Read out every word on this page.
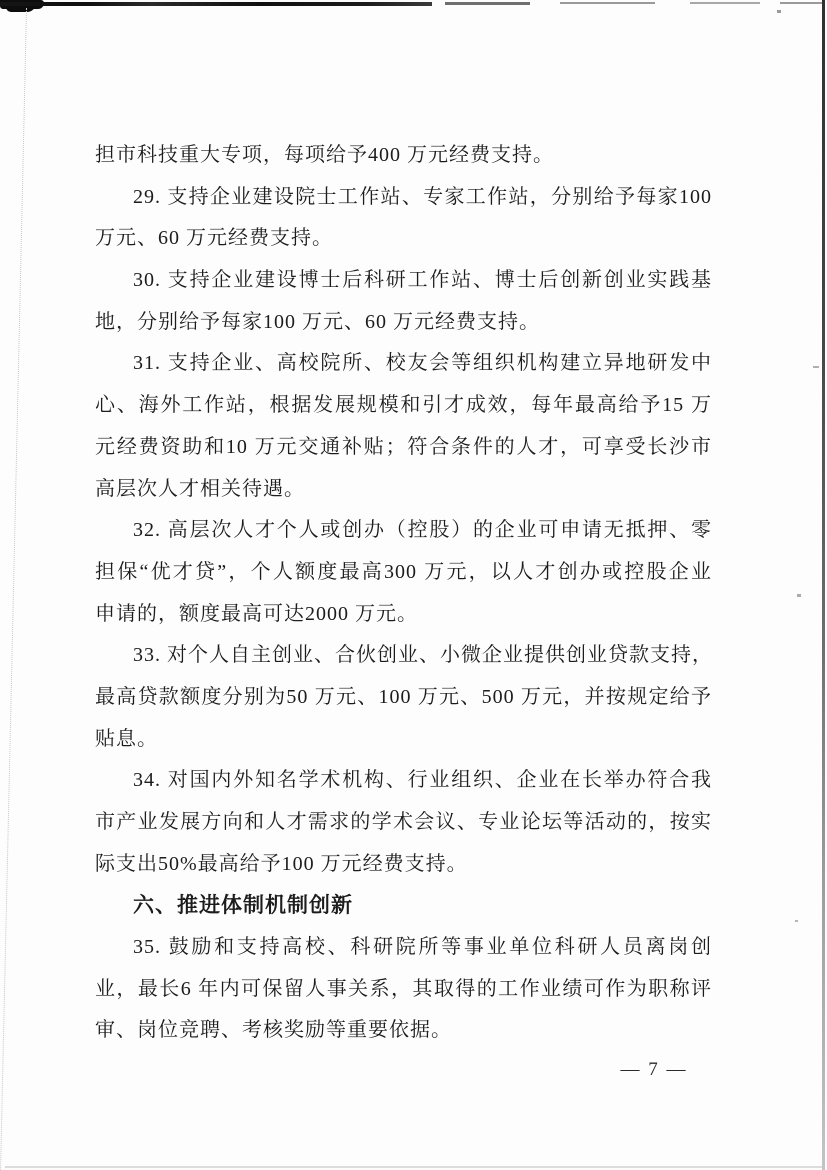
担市科技重大专项，每项给予400 万元经费支持。
29. 支持企业建设院士工作站、专家工作站，分别给予每家100
万元、60 万元经费支持。
30. 支持企业建设博士后科研工作站、博士后创新创业实践基
地，分别给予每家100 万元、60 万元经费支持。
31. 支持企业、高校院所、校友会等组织机构建立异地研发中
心、海外工作站，根据发展规模和引才成效，每年最高给予15 万
元经费资助和10 万元交通补贴；符合条件的人才，可享受长沙市
高层次人才相关待遇。
32. 高层次人才个人或创办（控股）的企业可申请无抵押、零
担保“优才贷”，个人额度最高300 万元，以人才创办或控股企业
申请的，额度最高可达2000 万元。
33. 对个人自主创业、合伙创业、小微企业提供创业贷款支持，
最高贷款额度分别为50 万元、100 万元、500 万元，并按规定给予
贴息。
34. 对国内外知名学术机构、行业组织、企业在长举办符合我
市产业发展方向和人才需求的学术会议、专业论坛等活动的，按实
际支出50%最高给予100 万元经费支持。
六、推进体制机制创新
35. 鼓励和支持高校、科研院所等事业单位科研人员离岗创
业，最长6 年内可保留人事关系，其取得的工作业绩可作为职称评
审、岗位竞聘、考核奖励等重要依据。
— 7 —
